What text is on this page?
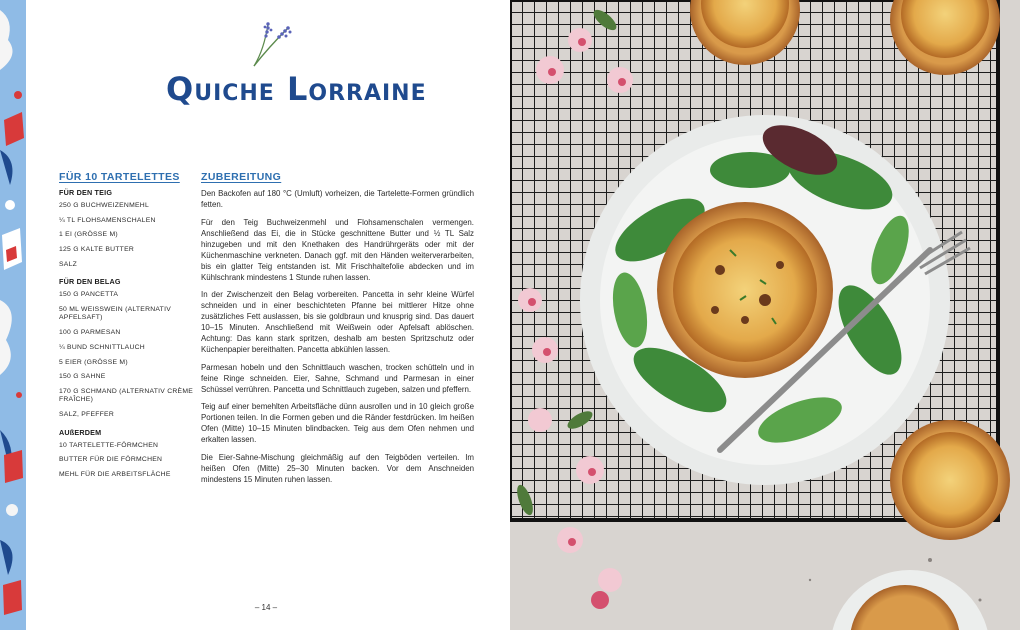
Quiche Lorraine
FÜR 10 TARTELETTES
FÜR DEN TEIG
250 G BUCHWEIZENMEHL
¼ TL FLOHSAMENSCHALEN
1 EI (GRÖSSE M)
125 G KALTE BUTTER
SALZ
FÜR DEN BELAG
150 G PANCETTA
50 ML WEISSWEIN (ALTERNATIV APFELSAFT)
100 G PARMESAN
¼ BUND SCHNITTLAUCH
5 EIER (GRÖSSE M)
150 G SAHNE
170 G SCHMAND (ALTERNATIV CRÈME FRAÎCHE)
SALZ, PFEFFER
AUßERDEM
10 TARTELETTE-FÖRMCHEN
BUTTER FÜR DIE FÖRMCHEN
MEHL FÜR DIE ARBEITSFLÄCHE
ZUBEREITUNG

Den Backofen auf 180 °C (Umluft) vorheizen, die Tartelette-Formen gründlich fetten.

Für den Teig Buchweizenmehl und Flohsamenschalen vermengen. Anschließend das Ei, die in Stücke geschnittene Butter und ½ TL Salz hinzugeben und mit den Knethaken des Handrührgeräts oder mit der Küchenmaschine verkneten. Danach ggf. mit den Händen weiterverarbeiten, bis ein glatter Teig entstanden ist. Mit Frischhaltefolie abdecken und im Kühlschrank mindestens 1 Stunde ruhen lassen.

In der Zwischenzeit den Belag vorbereiten. Pancetta in sehr kleine Würfel schneiden und in einer beschichteten Pfanne bei mittlerer Hitze ohne zusätzliches Fett auslassen, bis sie goldbraun und knusprig sind. Das dauert 10–15 Minuten. Anschließend mit Weißwein oder Apfelsaft ablöschen. Achtung: Das kann stark spritzen, deshalb am besten Spritzschutz oder Küchenpapier bereithalten. Pancetta abkühlen lassen.

Parmesan hobeln und den Schnittlauch waschen, trocken schütteln und in feine Ringe schneiden. Eier, Sahne, Schmand und Parmesan in einer Schüssel verrühren. Pancetta und Schnittlauch zugeben, salzen und pfeffern.

Teig auf einer bemehlten Arbeitsfläche dünn ausrollen und in 10 gleich große Portionen teilen. In die Formen geben und die Ränder festdrücken. Im heißen Ofen (Mitte) 10–15 Minuten blindbacken. Teig aus dem Ofen nehmen und erkalten lassen.

Die Eier-Sahne-Mischung gleichmäßig auf den Teigböden verteilen. Im heißen Ofen (Mitte) 25–30 Minuten backen. Vor dem Anschneiden mindestens 15 Minuten ruhen lassen.

– 14 –
